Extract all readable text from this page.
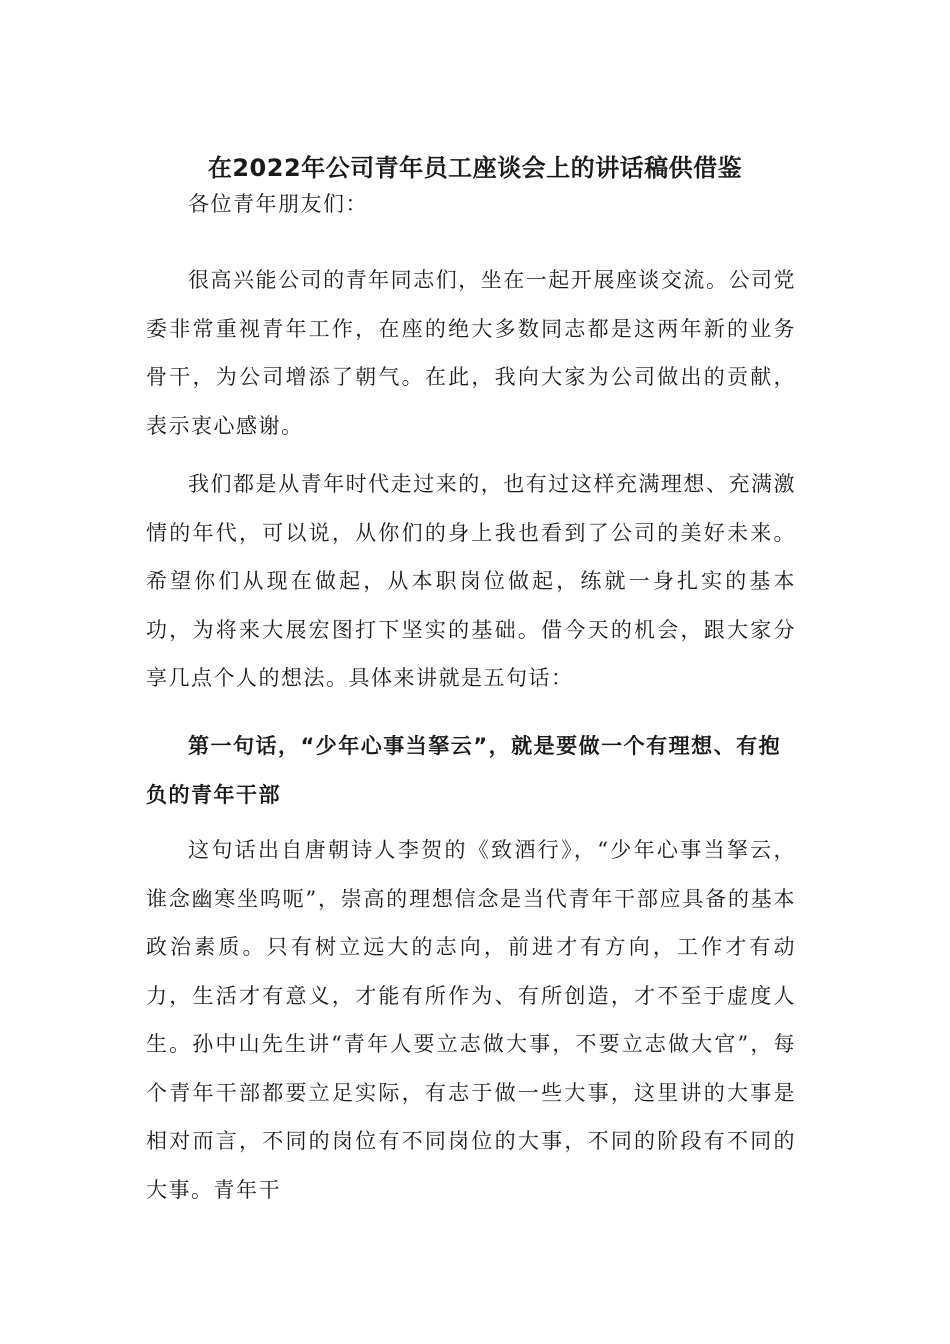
在2022年公司青年员工座谈会上的讲话稿供借鉴

各位青年朋友们：

很高兴能公司的青年同志们，坐在一起开展座谈交流。公司党委非常重视青年工作，在座的绝大多数同志都是这两年新的业务骨干，为公司增添了朝气。在此，我向大家为公司做出的贡献，表示衷心感谢。

我们都是从青年时代走过来的，也有过这样充满理想、充满激情的年代，可以说，从你们的身上我也看到了公司的美好未来。希望你们从现在做起，从本职岗位做起，练就一身扎实的基本功，为将来大展宏图打下坚实的基础。借今天的机会，跟大家分享几点个人的想法。具体来讲就是五句话：

第一句话，“少年心事当拏云”，就是要做一个有理想、有抱负的青年干部

这句话出自唐朝诗人李贺的《致酒行》，“少年心事当拏云，谁念幽寒坐呜呃”，崇高的理想信念是当代青年干部应具备的基本政治素质。只有树立远大的志向，前进才有方向，工作才有动力，生活才有意义，才能有所作为、有所创造，才不至于虚度人生。孙中山先生讲“青年人要立志做大事，不要立志做大官”，每个青年干部都要立足实际，有志于做一些大事，这里讲的大事是相对而言，不同的岗位有不同岗位的大事，不同的阶段有不同的大事。青年干
